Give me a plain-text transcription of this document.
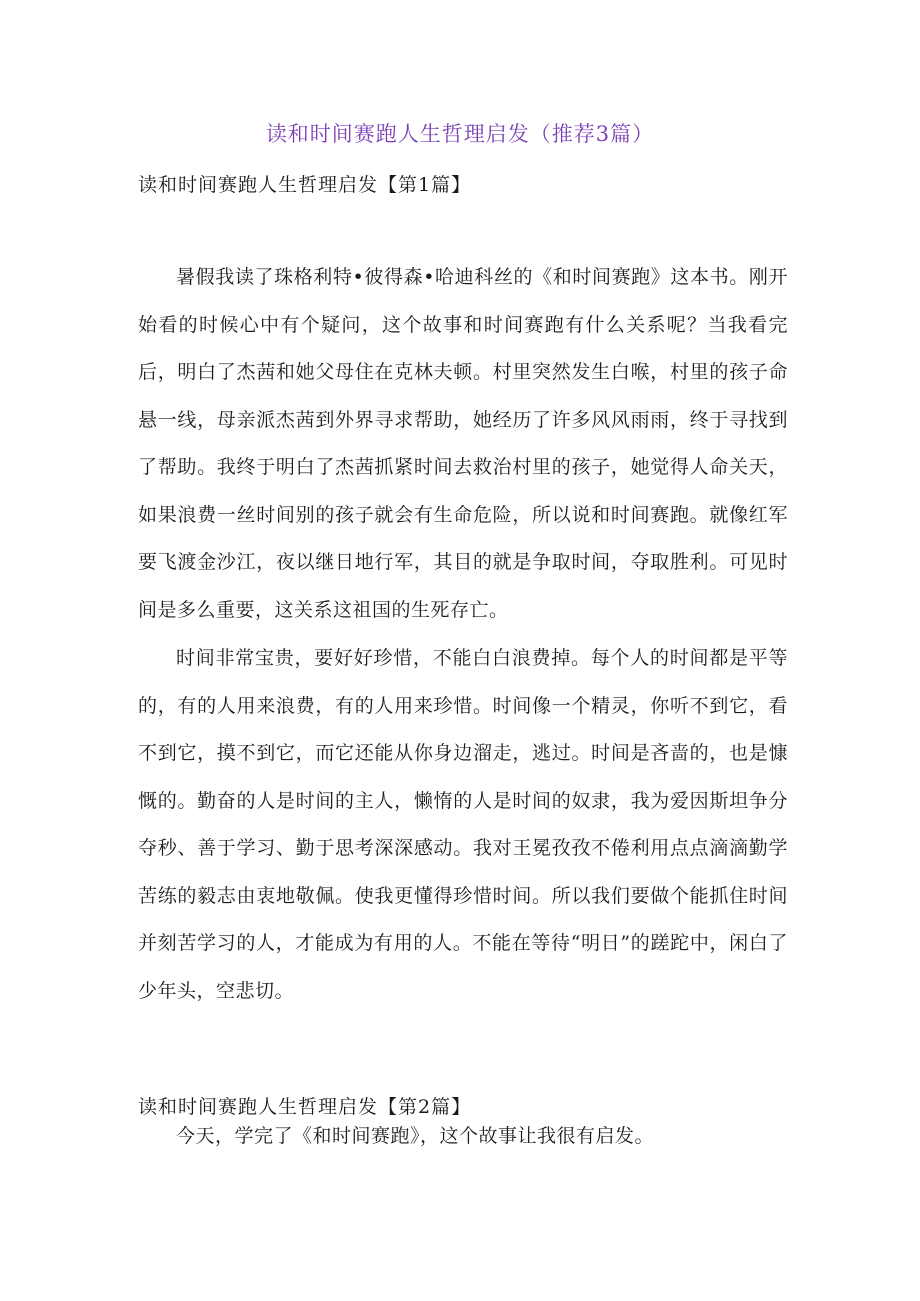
读和时间赛跑人生哲理启发（推荐3篇）
读和时间赛跑人生哲理启发【第1篇】

暑假我读了珠格利特•彼得森•哈迪科丝的《和时间赛跑》这本书。刚开始看的时候心中有个疑问，这个故事和时间赛跑有什么关系呢？当我看完后，明白了杰茜和她父母住在克林夫顿。村里突然发生白喉，村里的孩子命悬一线，母亲派杰茜到外界寻求帮助，她经历了许多风风雨雨，终于寻找到了帮助。我终于明白了杰茜抓紧时间去救治村里的孩子，她觉得人命关天，如果浪费一丝时间别的孩子就会有生命危险，所以说和时间赛跑。就像红军要飞渡金沙江，夜以继日地行军，其目的就是争取时间，夺取胜利。可见时间是多么重要，这关系这祖国的生死存亡。

时间非常宝贵，要好好珍惜，不能白白浪费掉。每个人的时间都是平等的，有的人用来浪费，有的人用来珍惜。时间像一个精灵，你听不到它，看不到它，摸不到它，而它还能从你身边溜走，逃过。时间是吝啬的，也是慷慨的。勤奋的人是时间的主人，懒惰的人是时间的奴隶，我为爱因斯坦争分夺秒、善于学习、勤于思考深深感动。我对王冕孜孜不倦利用点点滴滴勤学苦练的毅志由衷地敬佩。使我更懂得珍惜时间。所以我们要做个能抓住时间并刻苦学习的人，才能成为有用的人。不能在等待“明日”的蹉跎中，闲白了少年头，空悲切。

读和时间赛跑人生哲理启发【第2篇】

今天，学完了《和时间赛跑》，这个故事让我很有启发。
